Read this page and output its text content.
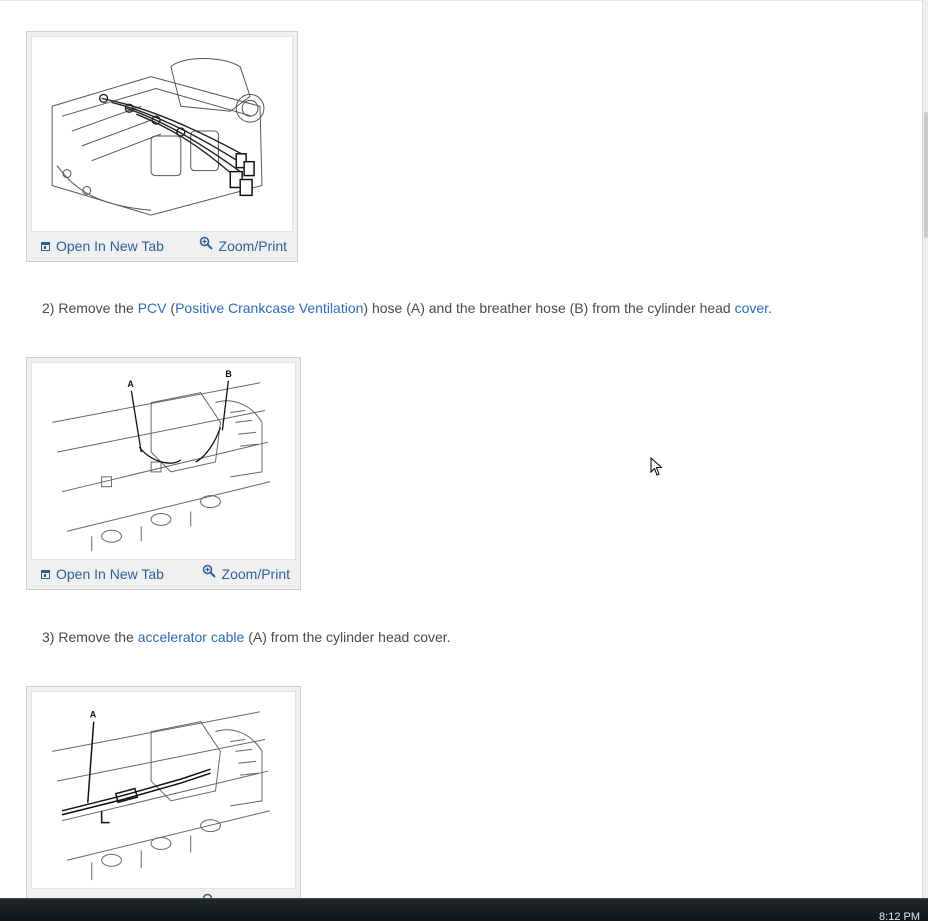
Open In New Tab	Zoom/Print
2) Remove the PCV (Positive Crankcase Ventilation) hose (A) and the breather hose (B) from the cylinder head cover.
A
B
Open In New Tab	Zoom/Print
3) Remove the accelerator cable (A) from the cylinder head cover.
A
8:12 PM
